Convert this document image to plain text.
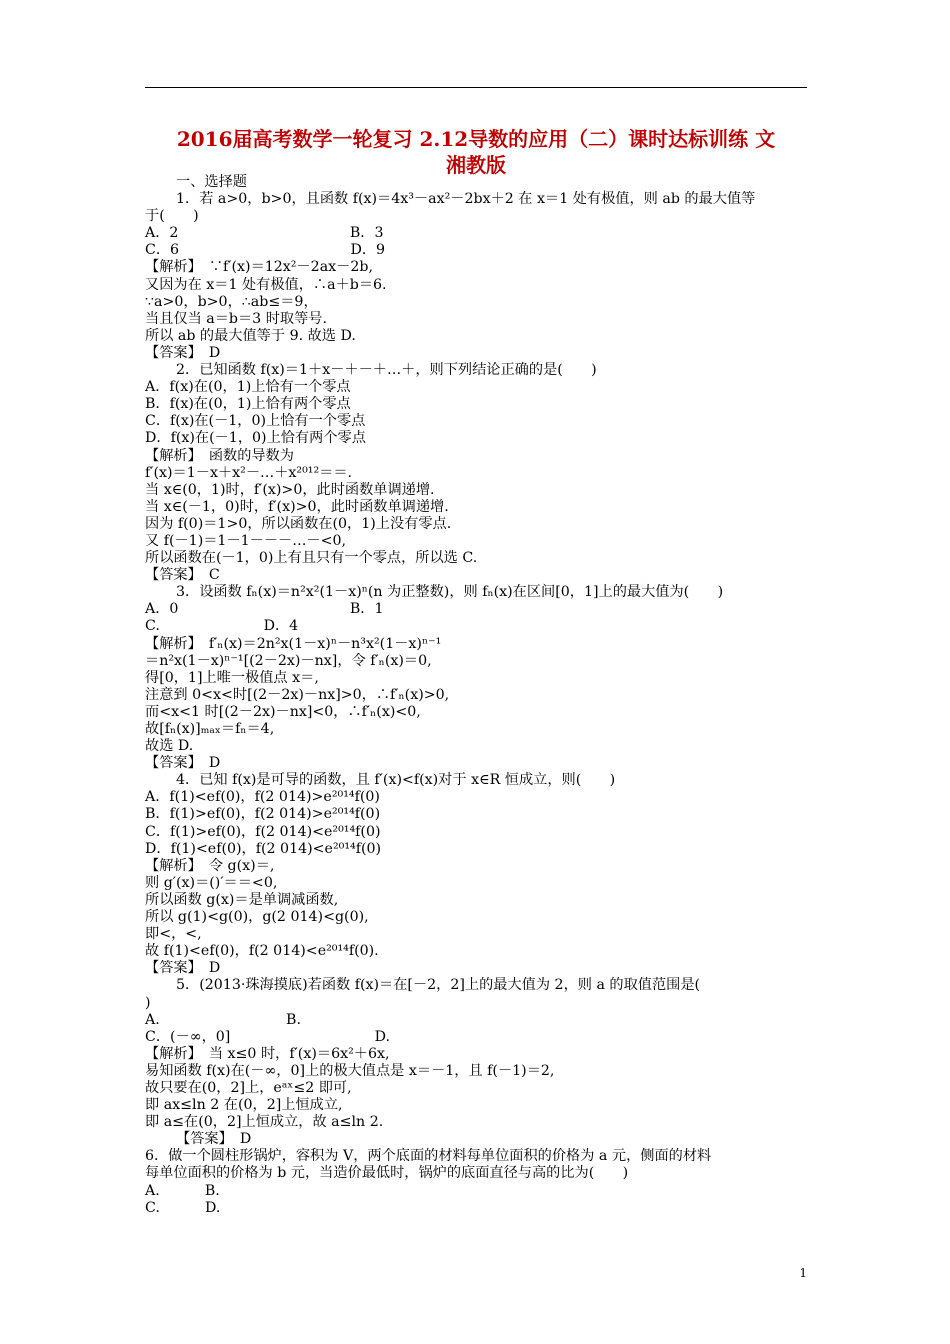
2016届高考数学一轮复习 2.12导数的应用（二）课时达标训练 文
湘教版
一、选择题
1．若 a>0，b>0，且函数 f(x)＝4x³－ax²－2bx＋2 在 x＝1 处有极值，则 ab 的最大值等
于(　　)
A．2                                      B．3
C．6                                      D．9
【解析】　∵f′(x)＝12x²－2ax－2b,
又因为在 x＝1 处有极值，∴a＋b＝6.
∵a>0，b>0，∴ab≤＝9，
当且仅当 a＝b＝3 时取等号.
所以 ab 的最大值等于 9. 故选 D.
【答案】　D
2．已知函数 f(x)＝1＋x－＋－＋…＋，则下列结论正确的是(　　)
A．f(x)在(0，1)上恰有一个零点
B．f(x)在(0，1)上恰有两个零点
C．f(x)在(－1，0)上恰有一个零点
D．f(x)在(－1，0)上恰有两个零点
【解析】　函数的导数为
f′(x)＝1－x＋x²－…＋x²⁰¹²＝＝.
当 x∈(0，1)时，f′(x)>0，此时函数单调递增.
当 x∈(－1，0)时，f′(x)>0，此时函数单调递增.
因为 f(0)＝1>0，所以函数在(0，1)上没有零点.
又 f(－1)＝1－1－－－…－<0,
所以函数在(－1，0)上有且只有一个零点，所以选 C.
【答案】　C
3．设函数 fₙ(x)＝n²x²(1－x)ⁿ(n 为正整数)，则 fₙ(x)在区间[0，1]上的最大值为(　　)
A．0                                      B．1
C.                       D．4
【解析】　f′ₙ(x)＝2n²x(1－x)ⁿ－n³x²(1－x)ⁿ⁻¹
＝n²x(1－x)ⁿ⁻¹[(2－2x)－nx]，令 f′ₙ(x)＝0,
得[0，1]上唯一极值点 x＝,
注意到 0<x<时[(2－2x)－nx]>0，∴f′ₙ(x)>0,
而<x<1 时[(2－2x)－nx]<0，∴f′ₙ(x)<0,
故[fₙ(x)]ₘₐₓ＝fₙ＝4,
故选 D.
【答案】　D
4．已知 f(x)是可导的函数，且 f′(x)<f(x)对于 x∈R 恒成立，则(　　)
A．f(1)<ef(0)，f(2 014)>e²⁰¹⁴f(0)
B．f(1)>ef(0)，f(2 014)>e²⁰¹⁴f(0)
C．f(1)>ef(0)，f(2 014)<e²⁰¹⁴f(0)
D．f(1)<ef(0)，f(2 014)<e²⁰¹⁴f(0)
【解析】　令 g(x)＝,
则 g′(x)＝()′＝＝<0,
所以函数 g(x)＝是单调减函数,
所以 g(1)<g(0)，g(2 014)<g(0),
即<，<,
故 f(1)<ef(0)，f(2 014)<e²⁰¹⁴f(0).
【答案】　D
5．(2013·珠海摸底)若函数 f(x)＝在[－2，2]上的最大值为 2，则 a 的取值范围是(
)
A.                            B.
C．(－∞，0]                                D.
【解析】　当 x≤0 时，f′(x)＝6x²＋6x,
易知函数 f(x)在(－∞，0]上的极大值点是 x＝－1，且 f(－1)＝2,
故只要在(0，2]上，eᵃˣ≤2 即可,
即 ax≤ln 2 在(0，2]上恒成立,
即 a≤在(0，2]上恒成立，故 a≤ln 2.
【答案】　D
6．做一个圆柱形锅炉，容积为 V，两个底面的材料每单位面积的价格为 a 元，侧面的材料
每单位面积的价格为 b 元，当造价最低时，锅炉的底面直径与高的比为(　　)
A.          B.
C.          D.
1
